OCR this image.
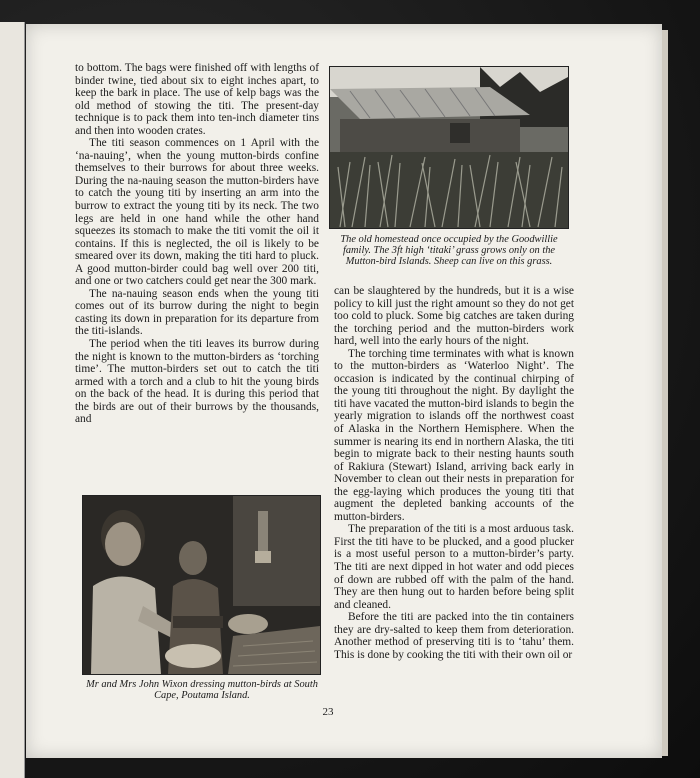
to bottom. The bags were finished off with lengths of binder twine, tied about six to eight inches apart, to keep the bark in place. The use of kelp bags was the old method of stowing the titi. The present-day technique is to pack them into ten-inch diameter tins and then into wooden crates.

The titi season commences on 1 April with the ‘na-nauing’, when the young mutton-birds confine themselves to their burrows for about three weeks. During the na-nauing season the mutton-birders have to catch the young titi by inserting an arm into the burrow to extract the young titi by its neck. The two legs are held in one hand while the other hand squeezes its stomach to make the titi vomit the oil it contains. If this is neglected, the oil is likely to be smeared over its down, making the titi hard to pluck. A good mutton-birder could bag well over 200 titi, and one or two catchers could get near the 300 mark.

The na-nauing season ends when the young titi comes out of its burrow during the night to begin casting its down in preparation for its departure from the titi-islands.

The period when the titi leaves its burrow during the night is known to the mutton-birders as ‘torching time’. The mutton-birders set out to catch the titi armed with a torch and a club to hit the young birds on the back of the head. It is during this period that the birds are out of their burrows by the thousands, and

The old homestead once occupied by the Goodwillie family. The 3ft high ‘titaki’ grass grows only on the Mutton-bird Islands. Sheep can live on this grass.

can be slaughtered by the hundreds, but it is a wise policy to kill just the right amount so they do not get too cold to pluck. Some big catches are taken during the torching period and the mutton-birders work hard, well into the early hours of the night.

The torching time terminates with what is known to the mutton-birders as ‘Waterloo Night’. The occasion is indicated by the continual chirping of the young titi throughout the night. By daylight the titi have vacated the mutton-bird islands to begin the yearly migration to islands off the northwest coast of Alaska in the Northern Hemisphere. When the summer is nearing its end in northern Alaska, the titi begin to migrate back to their nesting haunts south of Rakiura (Stewart) Island, arriving back early in November to clean out their nests in preparation for the egg-laying which produces the young titi that augment the depleted banking accounts of the mutton-birders.

The preparation of the titi is a most arduous task. First the titi have to be plucked, and a good plucker is a most useful person to a mutton-birder’s party. The titi are next dipped in hot water and odd pieces of down are rubbed off with the palm of the hand. They are then hung out to harden before being split and cleaned.

Before the titi are packed into the tin containers they are dry-salted to keep them from deterioration. Another method of preserving titi is to ‘tahu’ them. This is done by cooking the titi with their own oil or

Mr and Mrs John Wixon dressing mutton-birds at South Cape, Poutama Island.
23
